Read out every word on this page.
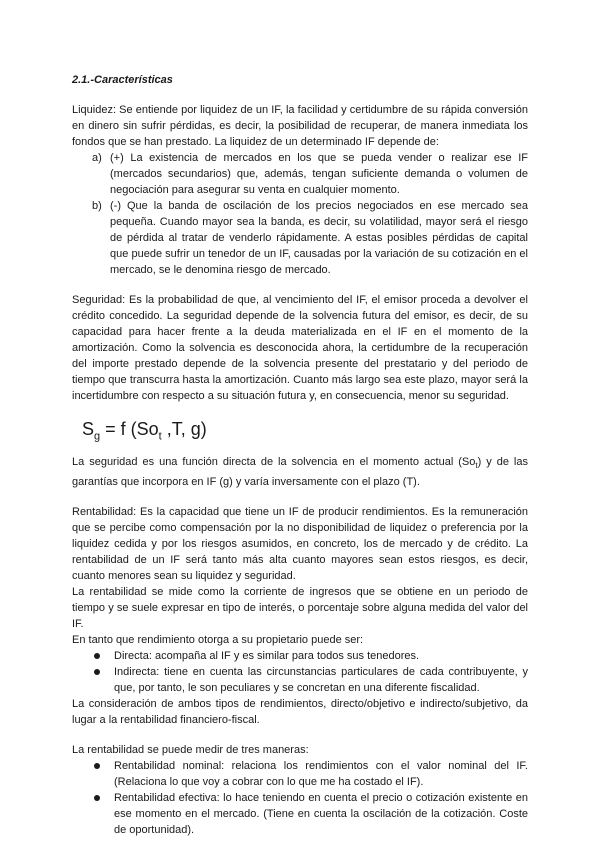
2.1.-Características

Liquidez: Se entiende por liquidez de un IF, la facilidad y certidumbre de su rápida conversión en dinero sin sufrir pérdidas, es decir, la posibilidad de recuperar, de manera inmediata los fondos que se han prestado. La liquidez de un determinado IF depende de:

a) (+) La existencia de mercados en los que se pueda vender o realizar ese IF (mercados secundarios) que, además, tengan suficiente demanda o volumen de negociación para asegurar su venta en cualquier momento.
b) (-) Que la banda de oscilación de los precios negociados en ese mercado sea pequeña. Cuando mayor sea la banda, es decir, su volatilidad, mayor será el riesgo de pérdida al tratar de venderlo rápidamente. A estas posibles pérdidas de capital que puede sufrir un tenedor de un IF, causadas por la variación de su cotización en el mercado, se le denomina riesgo de mercado.

Seguridad: Es la probabilidad de que, al vencimiento del IF, el emisor proceda a devolver el crédito concedido. La seguridad depende de la solvencia futura del emisor, es decir, de su capacidad para hacer frente a la deuda materializada en el IF en el momento de la amortización. Como la solvencia es desconocida ahora, la certidumbre de la recuperación del importe prestado depende de la solvencia presente del prestatario y del periodo de tiempo que transcurra hasta la amortización. Cuanto más largo sea este plazo, mayor será la incertidumbre con respecto a su situación futura y, en consecuencia, menor su seguridad.

$S_g = f$ ($So_t$ ,T, g)

La seguridad es una función directa de la solvencia en el momento actual $(So_t)$ y de las garantías que incorpora en IF (g) y varía inversamente con el plazo (T).

Rentabilidad: Es la capacidad que tiene un IF de producir rendimientos. Es la remuneración que se percibe como compensación por la no disponibilidad de liquidez o preferencia por la liquidez cedida y por los riesgos asumidos, en concreto, los de mercado y de crédito. La rentabilidad de un IF será tanto más alta cuanto mayores sean estos riesgos, es decir, cuanto menores sean su liquidez y seguridad.

La rentabilidad se mide como la corriente de ingresos que se obtiene en un periodo de tiempo y se suele expresar en tipo de interés, o porcentaje sobre alguna medida del valor del IF.

En tanto que rendimiento otorga a su propietario puede ser:

Directa: acompaña al IF y es similar para todos sus tenedores.
Indirecta: tiene en cuenta las circunstancias particulares de cada contribuyente, y que, por tanto, le son peculiares y se concretan en una diferente fiscalidad.

La consideración de ambos tipos de rendimientos, directo/objetivo e indirecto/subjetivo, da lugar a la rentabilidad financiero-fiscal.

La rentabilidad se puede medir de tres maneras:

Rentabilidad nominal: relaciona los rendimientos con el valor nominal del IF. (Relaciona lo que voy a cobrar con lo que me ha costado el IF).
Rentabilidad efectiva: lo hace teniendo en cuenta el precio o cotización existente en ese momento en el mercado. (Tiene en cuenta la oscilación de la cotización. Coste de oportunidad).
